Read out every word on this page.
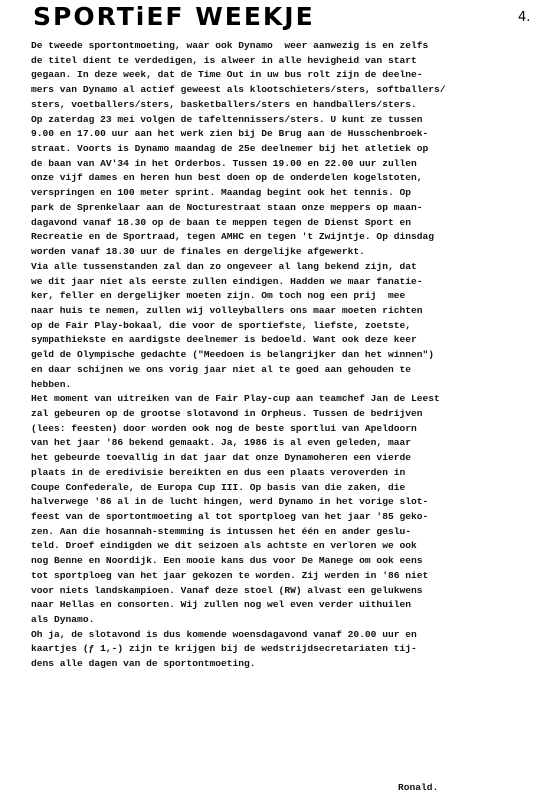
SPORTiEF WEEKJE	4.
De tweede sportontmoeting, waar ook Dynamo  weer aanwezig is en zelfs
de titel dient te verdedigen, is alweer in alle hevigheid van start
gegaan. In deze week, dat de Time Out in uw bus rolt zijn de deelne-
mers van Dynamo al actief geweest als klootschieters/sters, softballers/
sters, voetballers/sters, basketballers/sters en handballers/sters.
Op zaterdag 23 mei volgen de tafeltennissers/sters. U kunt ze tussen
9.00 en 17.00 uur aan het werk zien bij De Brug aan de Husschenbroek-
straat. Voorts is Dynamo maandag de 25e deelnemer bij het atletiek op
de baan van AV'34 in het Orderbos. Tussen 19.00 en 22.00 uur zullen
onze vijf dames en heren hun best doen op de onderdelen kogelstoten,
verspringen en 100 meter sprint. Maandag begint ook het tennis. Op
park de Sprenkelaar aan de Nocturestraat staan onze meppers op maan-
dagavond vanaf 18.30 op de baan te meppen tegen de Dienst Sport en
Recreatie en de Sportraad, tegen AMHC en tegen 't Zwijntje. Op dinsdag
worden vanaf 18.30 uur de finales en dergelijke afgewerkt.
Via alle tussenstanden zal dan zo ongeveer al lang bekend zijn, dat
we dit jaar niet als eerste zullen eindigen. Hadden we maar fanatie-
ker, feller en dergelijker moeten zijn. Om toch nog een prij  mee
naar huis te nemen, zullen wij volleyballers ons maar moeten richten
op de Fair Play-bokaal, die voor de sportiefste, liefste, zoetste,
sympathiekste en aardigste deelnemer is bedoeld. Want ook deze keer
geld de Olympische gedachte ("Meedoen is belangrijker dan het winnen")
en daar schijnen we ons vorig jaar niet al te goed aan gehouden te
hebben.
Het moment van uitreiken van de Fair Play-cup aan teamchef Jan de Leest
zal gebeuren op de grootse slotavond in Orpheus. Tussen de bedrijven
(lees: feesten) door worden ook nog de beste sportlui van Apeldoorn
van het jaar '86 bekend gemaakt. Ja, 1986 is al even geleden, maar
het gebeurde toevallig in dat jaar dat onze Dynamoheren een vierde
plaats in de eredivisie bereikten en dus een plaats veroverden in
Coupe Confederale, de Europa Cup III. Op basis van die zaken, die
halverwege '86 al in de lucht hingen, werd Dynamo in het vorige slot-
feest van de sportontmoeting al tot sportploeg van het jaar '85 geko-
zen. Aan die hosannah-stemming is intussen het één en ander geslu-
teld. Droef eindigden we dit seizoen als achtste en verloren we ook
nog Benne en Noordijk. Een mooie kans dus voor De Manege om ook eens
tot sportploeg van het jaar gekozen te worden. Zij werden in '86 niet
voor niets landskampioen. Vanaf deze stoel (RW) alvast een gelukwens
naar Hellas en consorten. Wij zullen nog wel even verder uithuilen
als Dynamo.
Oh ja, de slotavond is dus komende woensdagavond vanaf 20.00 uur en
kaartjes (ƒ 1,-) zijn te krijgen bij de wedstrijdsecretariaten tij-
dens alle dagen van de sportontmoeting.
Ronald.
